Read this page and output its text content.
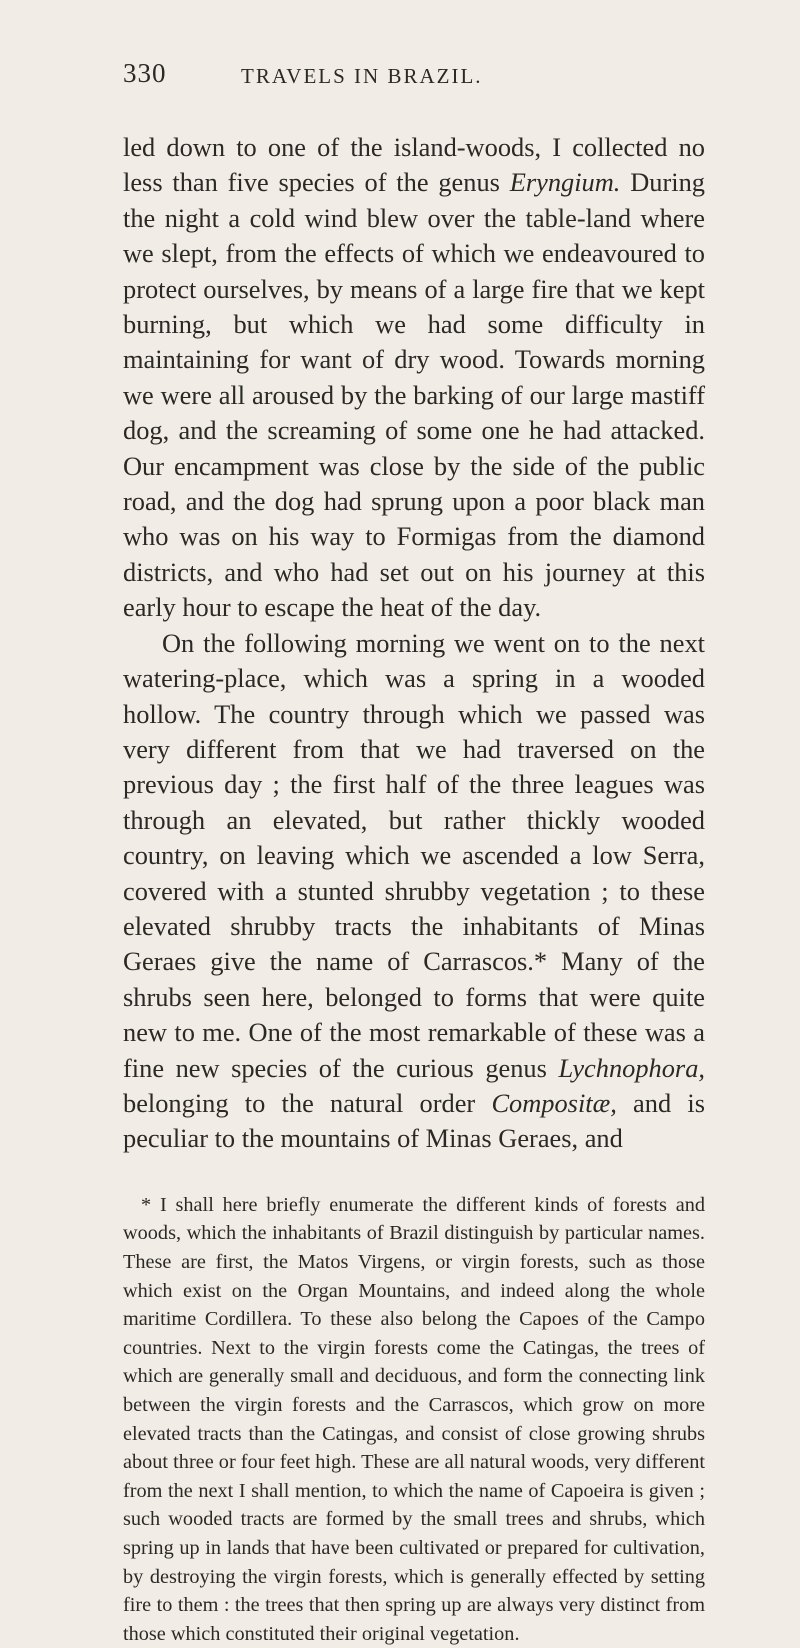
330	TRAVELS IN BRAZIL.

led down to one of the island-woods, I collected no less than five species of the genus Eryngium. During the night a cold wind blew over the table-land where we slept, from the effects of which we endeavoured to protect ourselves, by means of a large fire that we kept burning, but which we had some difficulty in maintaining for want of dry wood. Towards morning we were all aroused by the barking of our large mastiff dog, and the screaming of some one he had attacked. Our encampment was close by the side of the public road, and the dog had sprung upon a poor black man who was on his way to Formigas from the diamond districts, and who had set out on his journey at this early hour to escape the heat of the day.

On the following morning we went on to the next watering-place, which was a spring in a wooded hollow. The country through which we passed was very different from that we had traversed on the previous day ; the first half of the three leagues was through an elevated, but rather thickly wooded country, on leaving which we ascended a low Serra, covered with a stunted shrubby vegetation ; to these elevated shrubby tracts the inhabitants of Minas Geraes give the name of Carrascos.* Many of the shrubs seen here, belonged to forms that were quite new to me. One of the most remarkable of these was a fine new species of the curious genus Lychnophora, belonging to the natural order Compositæ, and is peculiar to the mountains of Minas Geraes, and

* I shall here briefly enumerate the different kinds of forests and woods, which the inhabitants of Brazil distinguish by particular names. These are first, the Matos Virgens, or virgin forests, such as those which exist on the Organ Mountains, and indeed along the whole maritime Cordillera. To these also belong the Capoes of the Campo countries. Next to the virgin forests come the Catingas, the trees of which are generally small and deciduous, and form the connecting link between the virgin forests and the Carrascos, which grow on more elevated tracts than the Catingas, and consist of close growing shrubs about three or four feet high. These are all natural woods, very different from the next I shall mention, to which the name of Capoeira is given ; such wooded tracts are formed by the small trees and shrubs, which spring up in lands that have been cultivated or prepared for cultivation, by destroying the virgin forests, which is generally effected by setting fire to them : the trees that then spring up are always very distinct from those which constituted their original vegetation.
